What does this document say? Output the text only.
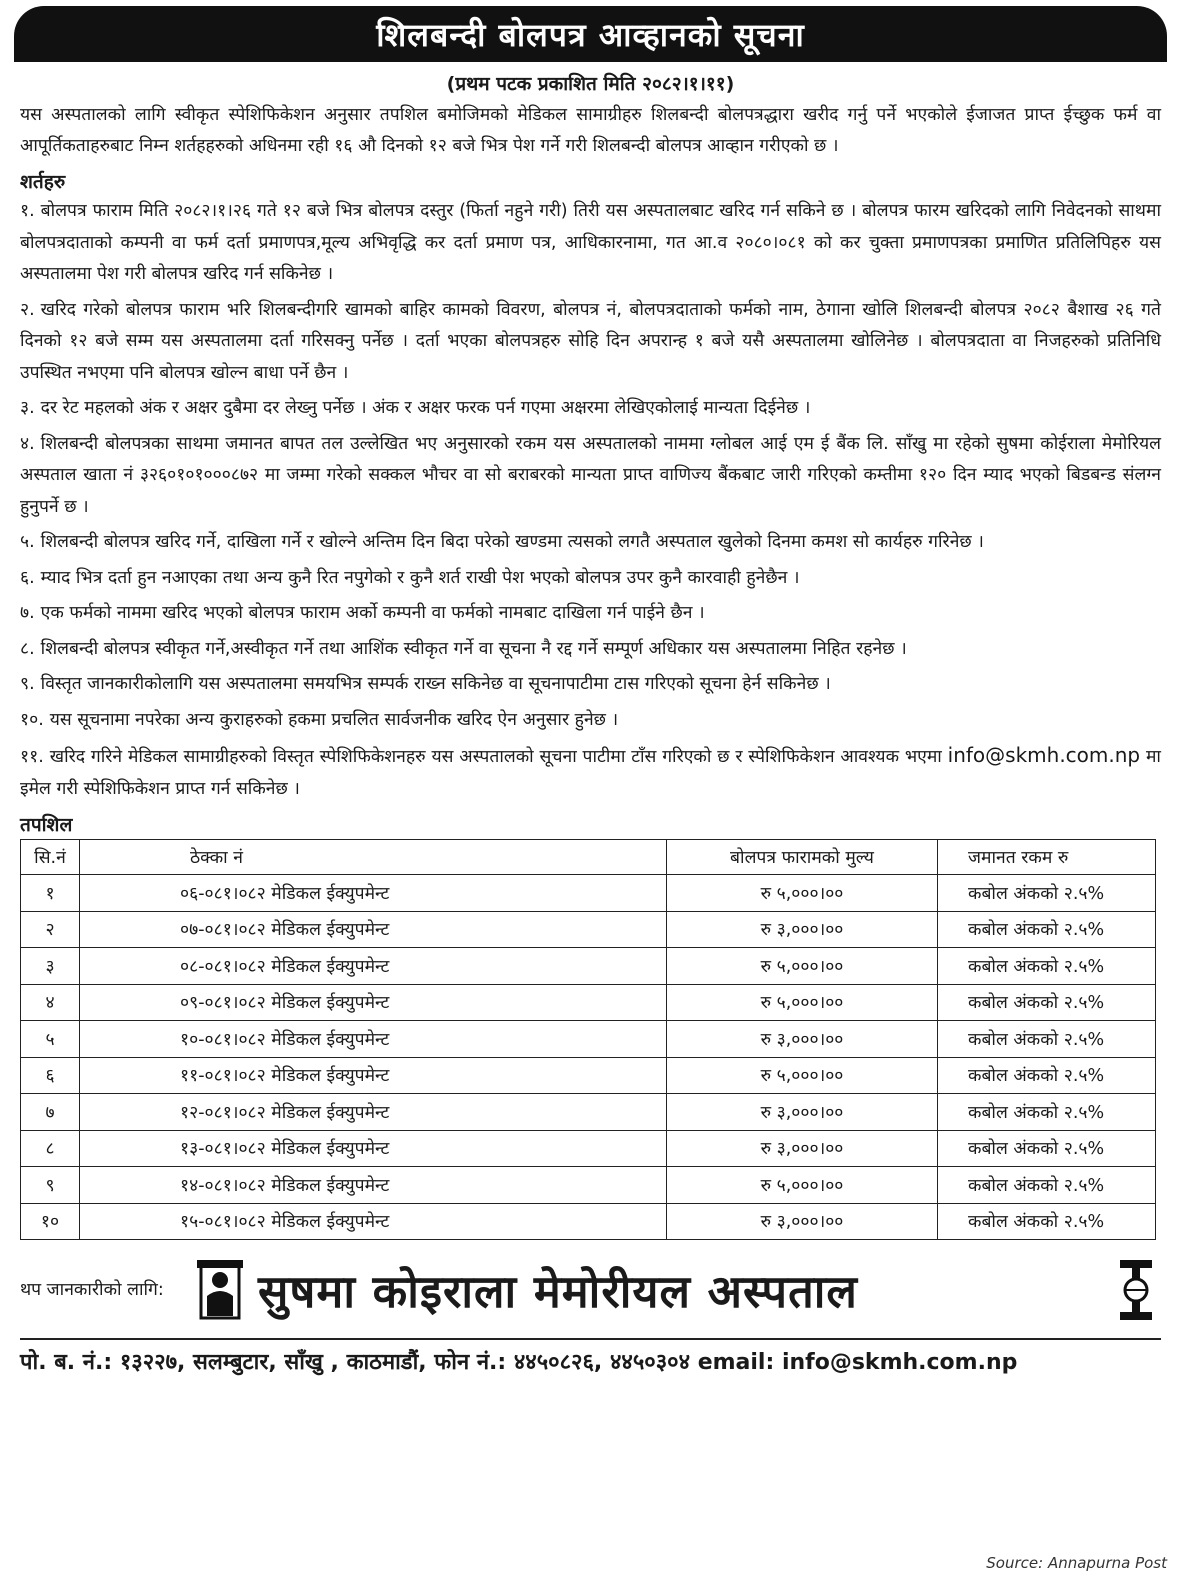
शिलबन्दी बोलपत्र आव्हानको सूचना
(प्रथम पटक प्रकाशित मिति २०८२।१।११)
यस अस्पतालको लागि स्वीकृत स्पेशिफिकेशन अनुसार तपशिल बमोजिमको मेडिकल सामाग्रीहरु शिलबन्दी बोलपत्रद्धारा खरीद गर्नु पर्ने भएकोले ईजाजत प्राप्त ईच्छुक फर्म वा आपूर्तिकताहरुबाट निम्न शर्तहहरुको अधिनमा रही १६ औ दिनको १२ बजे भित्र पेश गर्ने गरी शिलबन्दी बोलपत्र आव्हान गरीएको छ ।
शर्तहरु
१. बोलपत्र फाराम मिति २०८२।१।२६ गते १२ बजे भित्र बोलपत्र दस्तुर (फिर्ता नहुने गरी) तिरी यस अस्पतालबाट खरिद गर्न सकिने छ । बोलपत्र फारम खरिदको लागि निवेदनको साथमा बोलपत्रदाताको कम्पनी वा फर्म दर्ता प्रमाणपत्र,मूल्य अभिवृद्धि कर दर्ता प्रमाण पत्र, आधिकारनामा, गत आ.व २०८०।०८१ को कर चुक्ता प्रमाणपत्रका प्रमाणित प्रतिलिपिहरु यस अस्पतालमा पेश गरी बोलपत्र खरिद गर्न सकिनेछ ।
२. खरिद गरेको बोलपत्र फाराम भरि शिलबन्दीगरि खामको बाहिर कामको विवरण, बोलपत्र नं, बोलपत्रदाताको फर्मको नाम, ठेगाना खोलि शिलबन्दी बोलपत्र २०८२ बैशाख २६ गते दिनको १२ बजे सम्म यस अस्पतालमा दर्ता गरिसक्नु पर्नेछ । दर्ता भएका बोलपत्रहरु सोहि दिन अपरान्ह १ बजे यसै अस्पतालमा खोलिनेछ । बोलपत्रदाता वा निजहरुको प्रतिनिधि उपस्थित नभएमा पनि बोलपत्र खोल्न बाधा पर्ने छैन ।
३. दर रेट महलको अंक र अक्षर दुबैमा दर लेख्नु पर्नेछ । अंक र अक्षर फरक पर्न गएमा अक्षरमा लेखिएकोलाई मान्यता दिईनेछ ।
४. शिलबन्दी बोलपत्रका साथमा जमानत बापत तल उल्लेखित भए अनुसारको रकम यस अस्पतालको नाममा ग्लोबल आई एम ई बैंक लि. साँखु मा रहेको सुषमा कोईराला मेमोरियल अस्पताल खाता नं ३२६०१०१०००८७२ मा जम्मा गरेको सक्कल भौचर वा सो बराबरको मान्यता प्राप्त वाणिज्य बैंकबाट जारी गरिएको कम्तीमा १२० दिन म्याद भएको बिडबन्ड संलग्न हुनुपर्ने छ ।
५. शिलबन्दी बोलपत्र खरिद गर्ने, दाखिला गर्ने र खोल्ने अन्तिम दिन बिदा परेको खण्डमा त्यसको लगतै अस्पताल खुलेको दिनमा कमश सो कार्यहरु गरिनेछ ।
६. म्याद भित्र दर्ता हुन नआएका तथा अन्य कुनै रित नपुगेको र कुनै शर्त राखी पेश भएको बोलपत्र उपर कुनै कारवाही हुनेछैन ।
७. एक फर्मको नाममा खरिद भएको बोलपत्र फाराम अर्को कम्पनी वा फर्मको नामबाट दाखिला गर्न पाईने छैन ।
८. शिलबन्दी बोलपत्र स्वीकृत गर्ने,अस्वीकृत गर्ने तथा आशिंक स्वीकृत गर्ने वा सूचना नै रद्द गर्ने सम्पूर्ण अधिकार यस अस्पतालमा निहित रहनेछ ।
९. विस्तृत जानकारीकोलागि यस अस्पतालमा समयभित्र सम्पर्क राख्न सकिनेछ वा सूचनापाटीमा टास गरिएको सूचना हेर्न सकिनेछ ।
१०. यस सूचनामा नपरेका अन्य कुराहरुको हकमा प्रचलित सार्वजनीक खरिद ऐन अनुसार हुनेछ ।
११. खरिद गरिने मेडिकल सामाग्रीहरुको विस्तृत स्पेशिफिकेशनहरु यस अस्पतालको सूचना पाटीमा टाँस गरिएको छ र स्पेशिफिकेशन आवश्यक भएमा info@skmh.com.np मा इमेल गरी स्पेशिफिकेशन प्राप्त गर्न सकिनेछ ।
तपशिल
सि.नं	ठेक्का नं	बोलपत्र फारामको मुल्य	जमानत रकम रु
१	०६-०८१।०८२ मेडिकल ईक्युपमेन्ट	रु ५,०००।००	कबोल अंकको २.५%
२	०७-०८१।०८२ मेडिकल ईक्युपमेन्ट	रु ३,०००।००	कबोल अंकको २.५%
३	०८-०८१।०८२ मेडिकल ईक्युपमेन्ट	रु ५,०००।००	कबोल अंकको २.५%
४	०९-०८१।०८२ मेडिकल ईक्युपमेन्ट	रु ५,०००।००	कबोल अंकको २.५%
५	१०-०८१।०८२ मेडिकल ईक्युपमेन्ट	रु ३,०००।००	कबोल अंकको २.५%
६	११-०८१।०८२ मेडिकल ईक्युपमेन्ट	रु ५,०००।००	कबोल अंकको २.५%
७	१२-०८१।०८२ मेडिकल ईक्युपमेन्ट	रु ३,०००।००	कबोल अंकको २.५%
८	१३-०८१।०८२ मेडिकल ईक्युपमेन्ट	रु ३,०००।००	कबोल अंकको २.५%
९	१४-०८१।०८२ मेडिकल ईक्युपमेन्ट	रु ५,०००।००	कबोल अंकको २.५%
१०	१५-०८१।०८२ मेडिकल ईक्युपमेन्ट	रु ३,०००।००	कबोल अंकको २.५%
थप जानकारीको लागि:	सुषमा कोइराला मेमोरीयल अस्पताल
पो. ब. नं.: १३२२७, सलम्बुटार, साँखु , काठमाडौं, फोन नं.: ४४५०८२६, ४४५०३०४ email: info@skmh.com.np
Source: Annapurna Post
